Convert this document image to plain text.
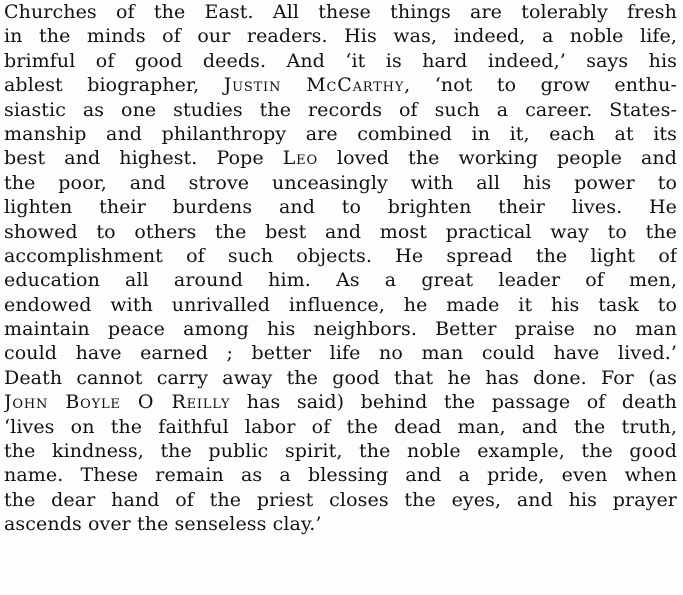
Churches of the East. All these things are tolerably fresh
in the minds of our readers. His was, indeed, a noble life,
brimful of good deeds. And ‘it is hard indeed,’ says his
ablest biographer, Justin McCarthy, ‘not to grow enthu-
siastic as one studies the records of such a career. States-
manship and philanthropy are combined in it, each at its
best and highest. Pope Leo loved the working people and
the poor, and strove unceasingly with all his power to
lighten their burdens and to brighten their lives. He
showed to others the best and most practical way to the
accomplishment of such objects. He spread the light of
education all around him. As a great leader of men,
endowed with unrivalled influence, he made it his task to
maintain peace among his neighbors. Better praise no man
could have earned ; better life no man could have lived.’
Death cannot carry away the good that he has done. For (as
John Boyle O Reilly has said) behind the passage of death
‘lives on the faithful labor of the dead man, and the truth,
the kindness, the public spirit, the noble example, the good
name. These remain as a blessing and a pride, even when
the dear hand of the priest closes the eyes, and his prayer
ascends over the senseless clay.’
